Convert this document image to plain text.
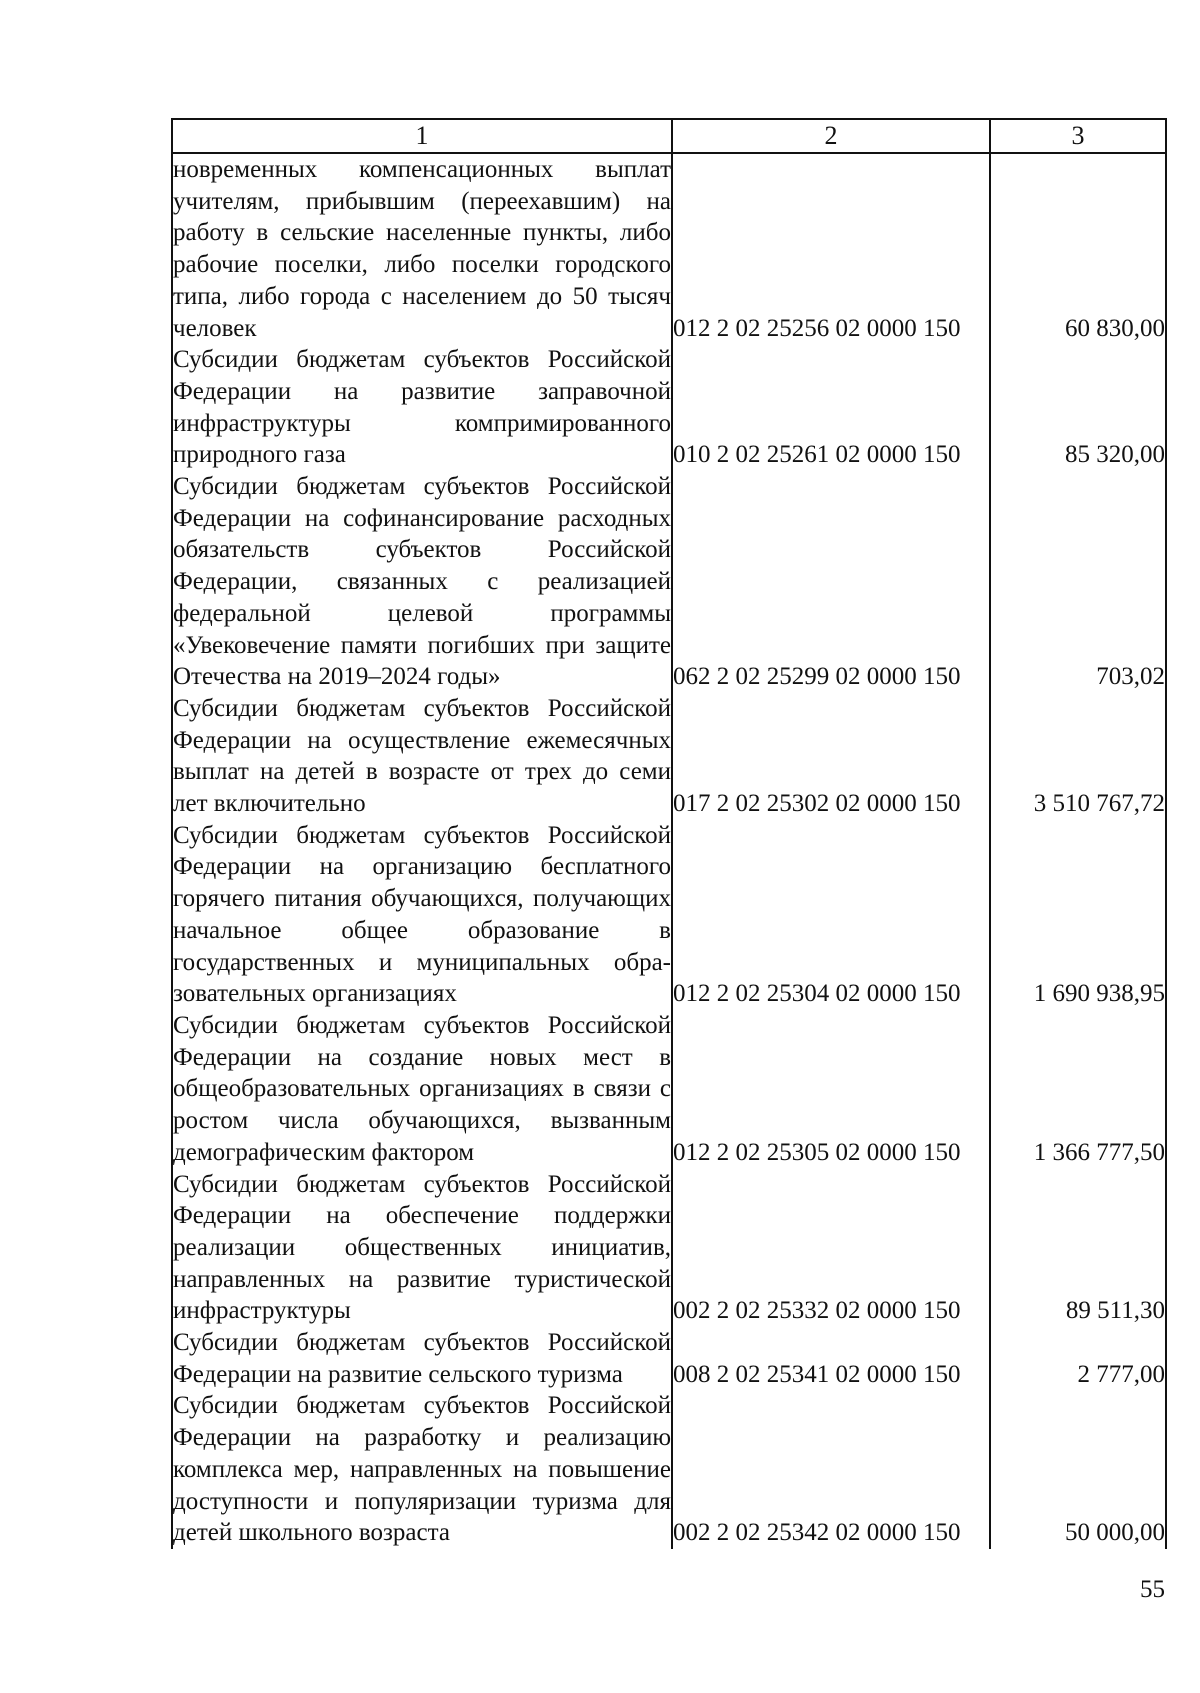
1	2	3
новременных компенсационных выплат учителям, прибывшим (переехавшим) на работу в сельские населенные пункты, либо рабочие поселки, либо поселки городского типа, либо города с населением до 50 тысяч человек	012 2 02 25256 02 0000 150	60 830,00
Субсидии бюджетам субъектов Российской Федерации на развитие заправочной инфраструктуры компримированного природного газа	010 2 02 25261 02 0000 150	85 320,00
Субсидии бюджетам субъектов Российской Федерации на софинансирование расходных обязательств субъектов Российской Федерации, связанных с реализацией федеральной целевой программы «Увековечение памяти погибших при защите Отечества на 2019–2024 годы»	062 2 02 25299 02 0000 150	703,02
Субсидии бюджетам субъектов Российской Федерации на осуществление ежемесячных выплат на детей в возрасте от трех до семи лет включительно	017 2 02 25302 02 0000 150	3 510 767,72
Субсидии бюджетам субъектов Российской Федерации на организацию бесплатного горячего питания обучающихся, получающих начальное общее образование в государственных и муниципальных образовательных организациях	012 2 02 25304 02 0000 150	1 690 938,95
Субсидии бюджетам субъектов Российской Федерации на создание новых мест в общеобразовательных организациях в связи с ростом числа обучающихся, вызванным демографическим фактором	012 2 02 25305 02 0000 150	1 366 777,50
Субсидии бюджетам субъектов Российской Федерации на обеспечение поддержки реализации общественных инициатив, направленных на развитие туристической инфраструктуры	002 2 02 25332 02 0000 150	89 511,30
Субсидии бюджетам субъектов Российской Федерации на развитие сельского туризма	008 2 02 25341 02 0000 150	2 777,00
Субсидии бюджетам субъектов Российской Федерации на разработку и реализацию комплекса мер, направленных на повышение доступности и популяризации туризма для детей школьного возраста	002 2 02 25342 02 0000 150	50 000,00
55
